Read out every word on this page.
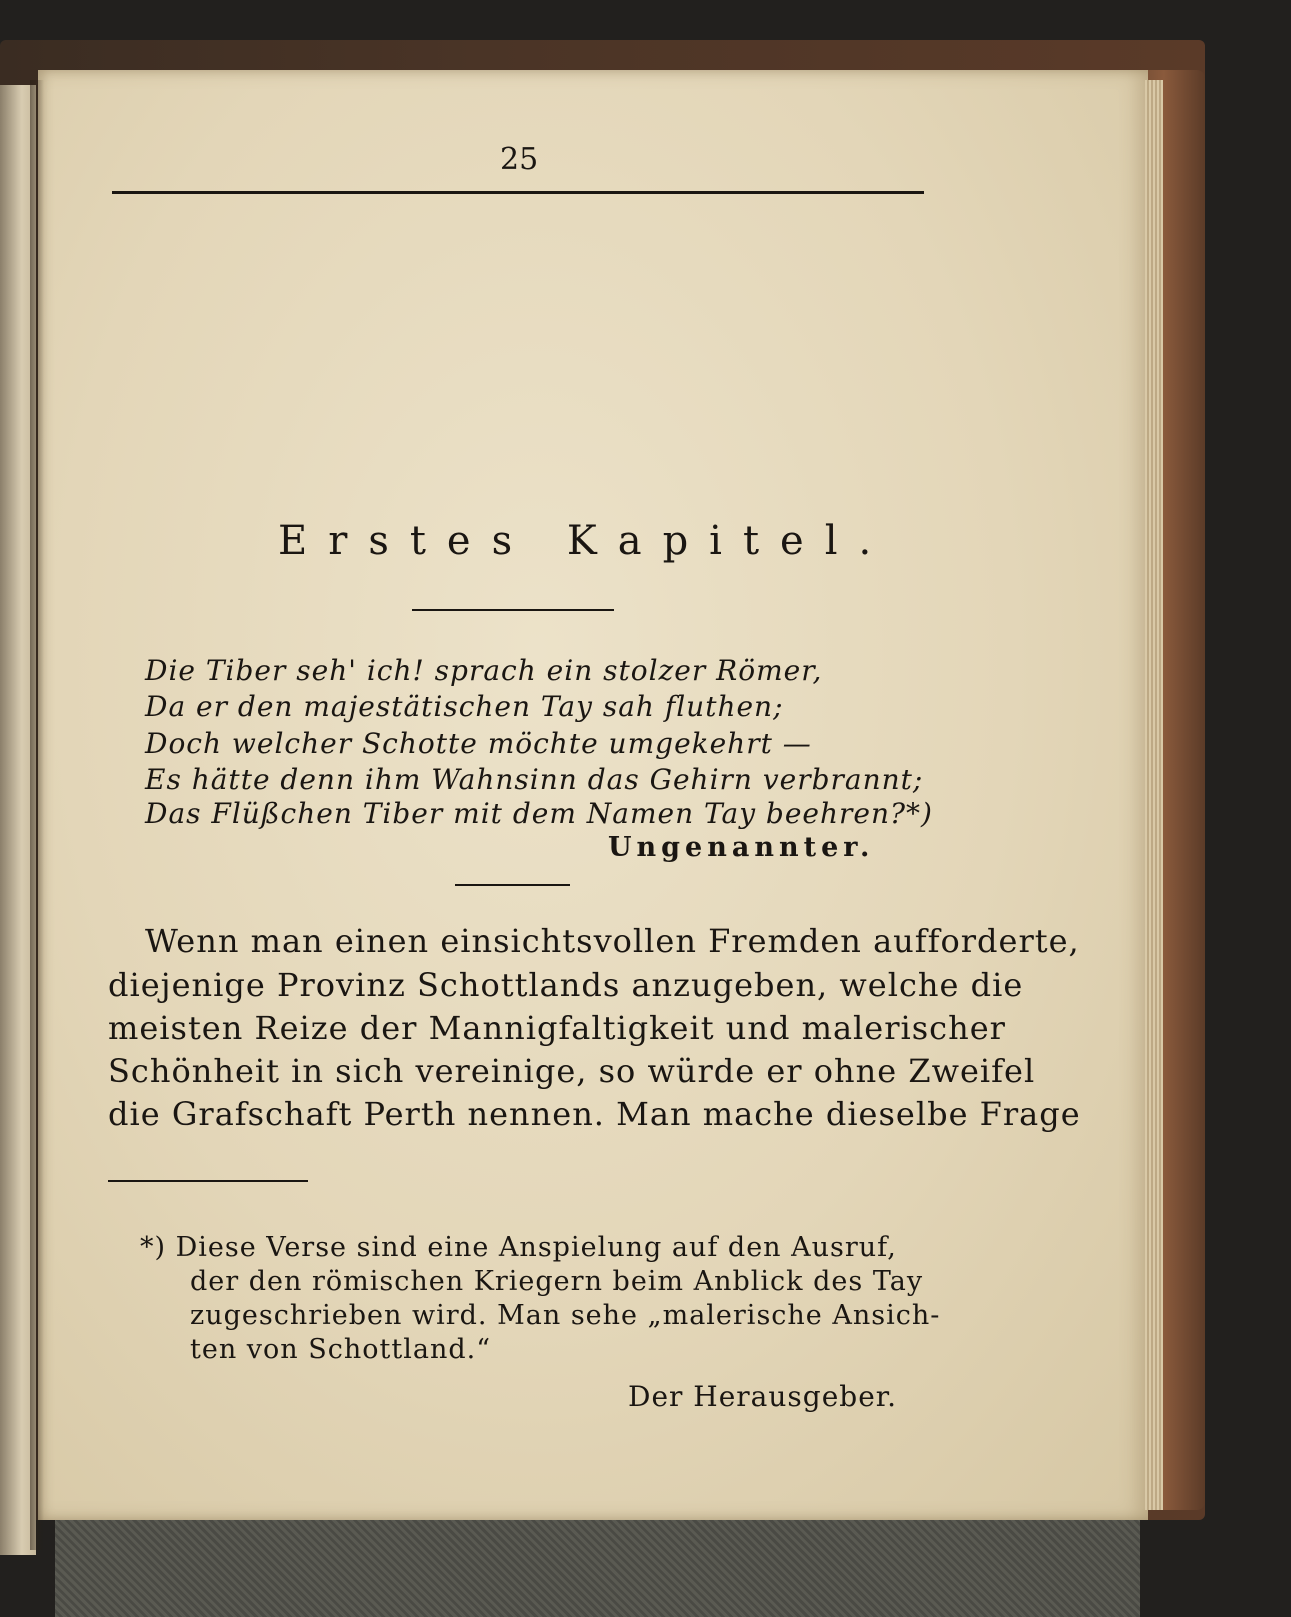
25
Erstes Kapitel.
Die Tiber seh' ich! sprach ein stolzer Römer,
Da er den majestätischen Tay sah fluthen;
Doch welcher Schotte möchte umgekehrt —
Es hätte denn ihm Wahnsinn das Gehirn verbrannt;
Das Flüßchen Tiber mit dem Namen Tay beehren?*)
Ungenannter.
Wenn man einen einsichtsvollen Fremden aufforderte,
diejenige Provinz Schottlands anzugeben, welche die
meisten Reize der Mannigfaltigkeit und malerischer
Schönheit in sich vereinige, so würde er ohne Zweifel
die Grafschaft Perth nennen. Man mache dieselbe Frage
*) Diese Verse sind eine Anspielung auf den Ausruf,
der den römischen Kriegern beim Anblick des Tay
zugeschrieben wird. Man sehe „malerische Ansich-
ten von Schottland.“
Der Herausgeber.
